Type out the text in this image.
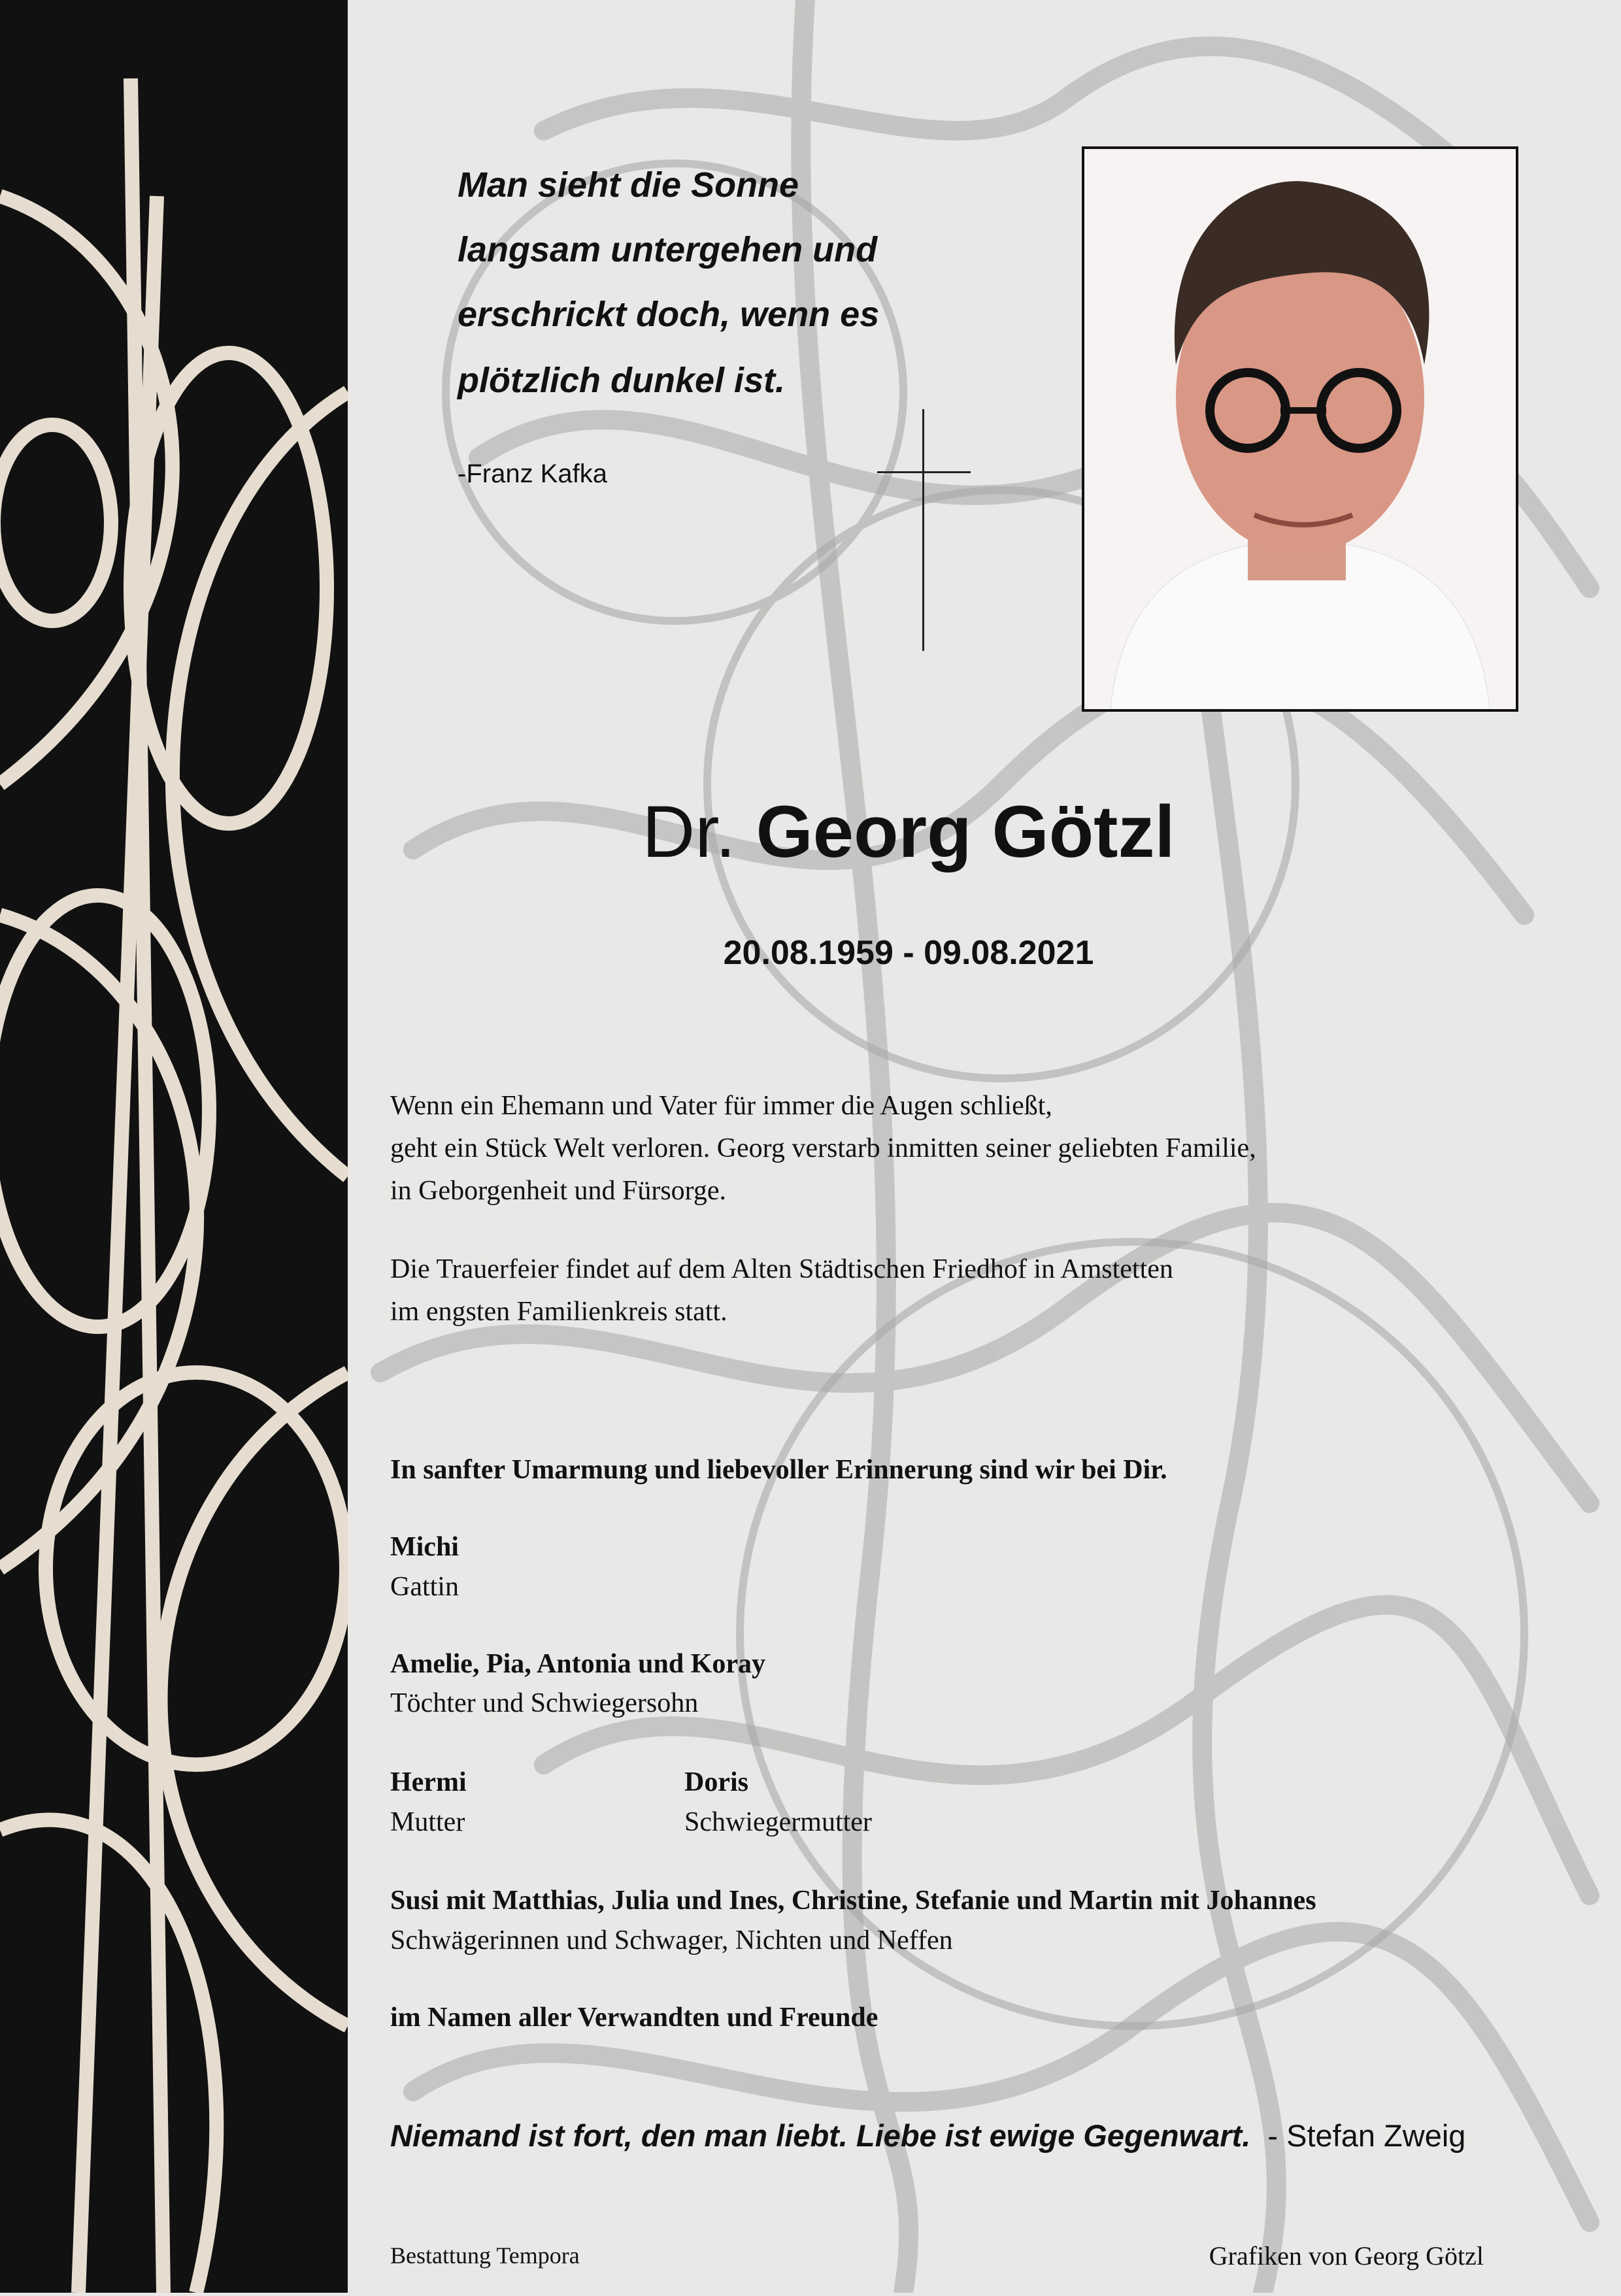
Man sieht die Sonne
langsam untergehen und
erschrickt doch, wenn es
plötzlich dunkel ist.
-Franz Kafka
Dr. Georg Götzl
20.08.1959 - 09.08.2021
Wenn ein Ehemann und Vater für immer die Augen schließt,
geht ein Stück Welt verloren. Georg verstarb inmitten seiner geliebten Familie,
in Geborgenheit und Fürsorge.
Die Trauerfeier findet auf dem Alten Städtischen Friedhof in Amstetten
im engsten Familienkreis statt.
In sanfter Umarmung und liebevoller Erinnerung sind wir bei Dir.
Michi
Gattin
Amelie, Pia, Antonia und Koray
Töchter und Schwiegersohn
Hermi
Mutter
Doris
Schwiegermutter
Susi mit Matthias, Julia und Ines, Christine, Stefanie und Martin mit Johannes
Schwägerinnen und Schwager, Nichten und Neffen
im Namen aller Verwandten und Freunde
Niemand ist fort, den man liebt. Liebe ist ewige Gegenwart. - Stefan Zweig
Bestattung Tempora	Grafiken von Georg Götzl
